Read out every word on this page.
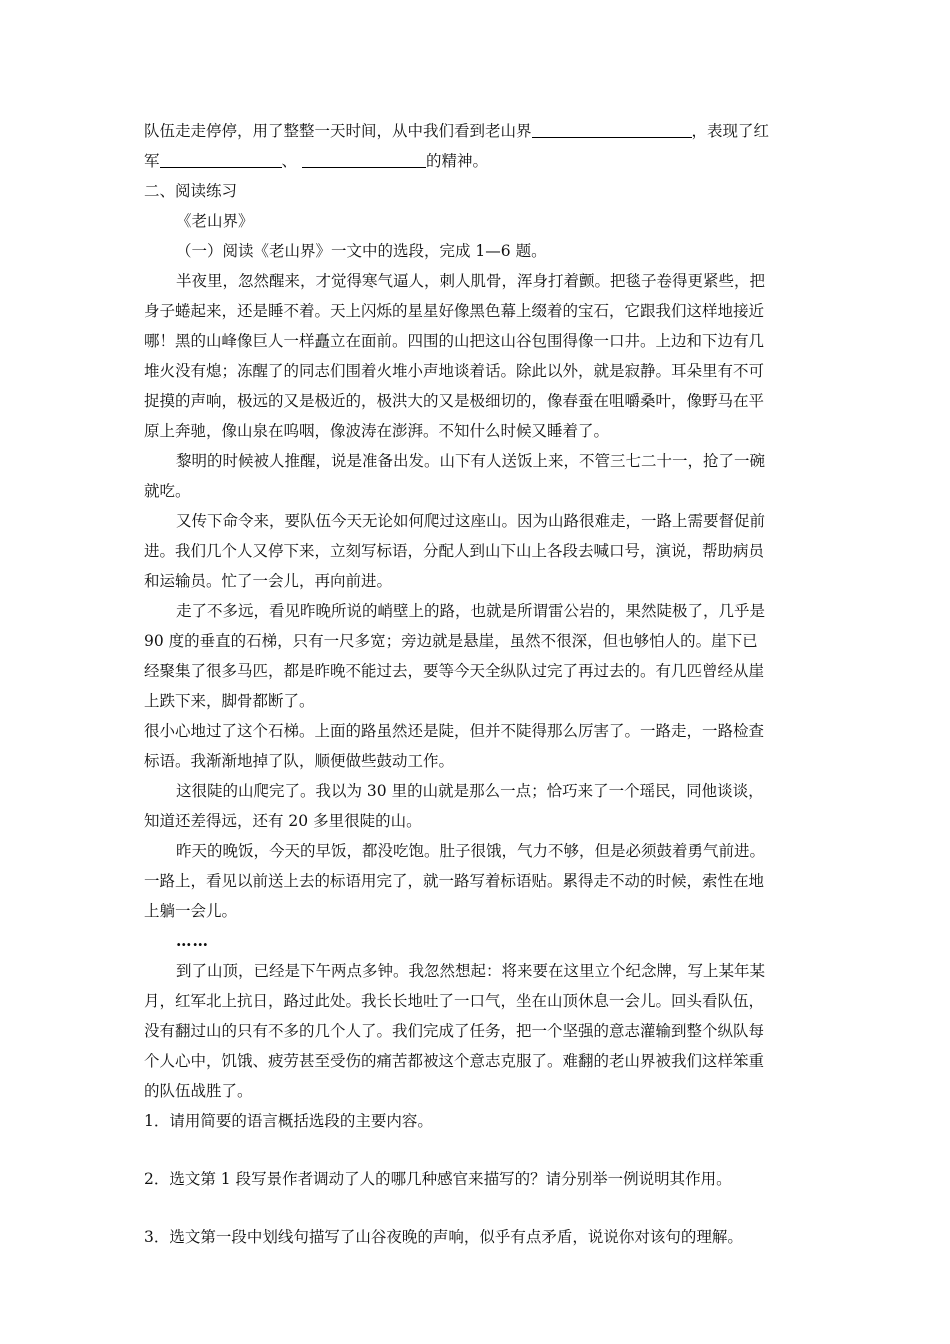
队伍走走停停，用了整整一天时间，从中我们看到老山界	，表现了红
军	、	的精神。
二、阅读练习
《老山界》
（一）阅读《老山界》一文中的选段，完成 1—6 题。
半夜里，忽然醒来，才觉得寒气逼人，刺人肌骨，浑身打着颤。把毯子卷得更紧些，把
身子蜷起来，还是睡不着。天上闪烁的星星好像黑色幕上缀着的宝石，它跟我们这样地接近
哪！黑的山峰像巨人一样矗立在面前。四围的山把这山谷包围得像一口井。上边和下边有几
堆火没有熄；冻醒了的同志们围着火堆小声地谈着话。除此以外，就是寂静。耳朵里有不可
捉摸的声响，极远的又是极近的，极洪大的又是极细切的，像春蚕在咀嚼桑叶，像野马在平
原上奔驰，像山泉在呜咽，像波涛在澎湃。不知什么时候又睡着了。
黎明的时候被人推醒，说是准备出发。山下有人送饭上来，不管三七二十一，抢了一碗
就吃。
又传下命令来，要队伍今天无论如何爬过这座山。因为山路很难走，一路上需要督促前
进。我们几个人又停下来，立刻写标语，分配人到山下山上各段去喊口号，演说，帮助病员
和运输员。忙了一会儿，再向前进。
走了不多远，看见昨晚所说的峭壁上的路，也就是所谓雷公岩的，果然陡极了，几乎是
90 度的垂直的石梯，只有一尺多宽；旁边就是悬崖，虽然不很深，但也够怕人的。崖下已
经聚集了很多马匹，都是昨晚不能过去，要等今天全纵队过完了再过去的。有几匹曾经从崖
上跌下来，脚骨都断了。
很小心地过了这个石梯。上面的路虽然还是陡，但并不陡得那么厉害了。一路走，一路检查
标语。我渐渐地掉了队，顺便做些鼓动工作。
这很陡的山爬完了。我以为 30 里的山就是那么一点；恰巧来了一个瑶民，同他谈谈，
知道还差得远，还有 20 多里很陡的山。
昨天的晚饭，今天的早饭，都没吃饱。肚子很饿，气力不够，但是必须鼓着勇气前进。
一路上，看见以前送上去的标语用完了，就一路写着标语贴。累得走不动的时候，索性在地
上躺一会儿。
……
到了山顶，已经是下午两点多钟。我忽然想起：将来要在这里立个纪念牌，写上某年某
月，红军北上抗日，路过此处。我长长地吐了一口气，坐在山顶休息一会儿。回头看队伍，
没有翻过山的只有不多的几个人了。我们完成了任务，把一个坚强的意志灌输到整个纵队每
个人心中，饥饿、疲劳甚至受伤的痛苦都被这个意志克服了。难翻的老山界被我们这样笨重
的队伍战胜了。
1．请用简要的语言概括选段的主要内容。
2．选文第 1 段写景作者调动了人的哪几种感官来描写的？请分别举一例说明其作用。
3．选文第一段中划线句描写了山谷夜晚的声响，似乎有点矛盾，说说你对该句的理解。
